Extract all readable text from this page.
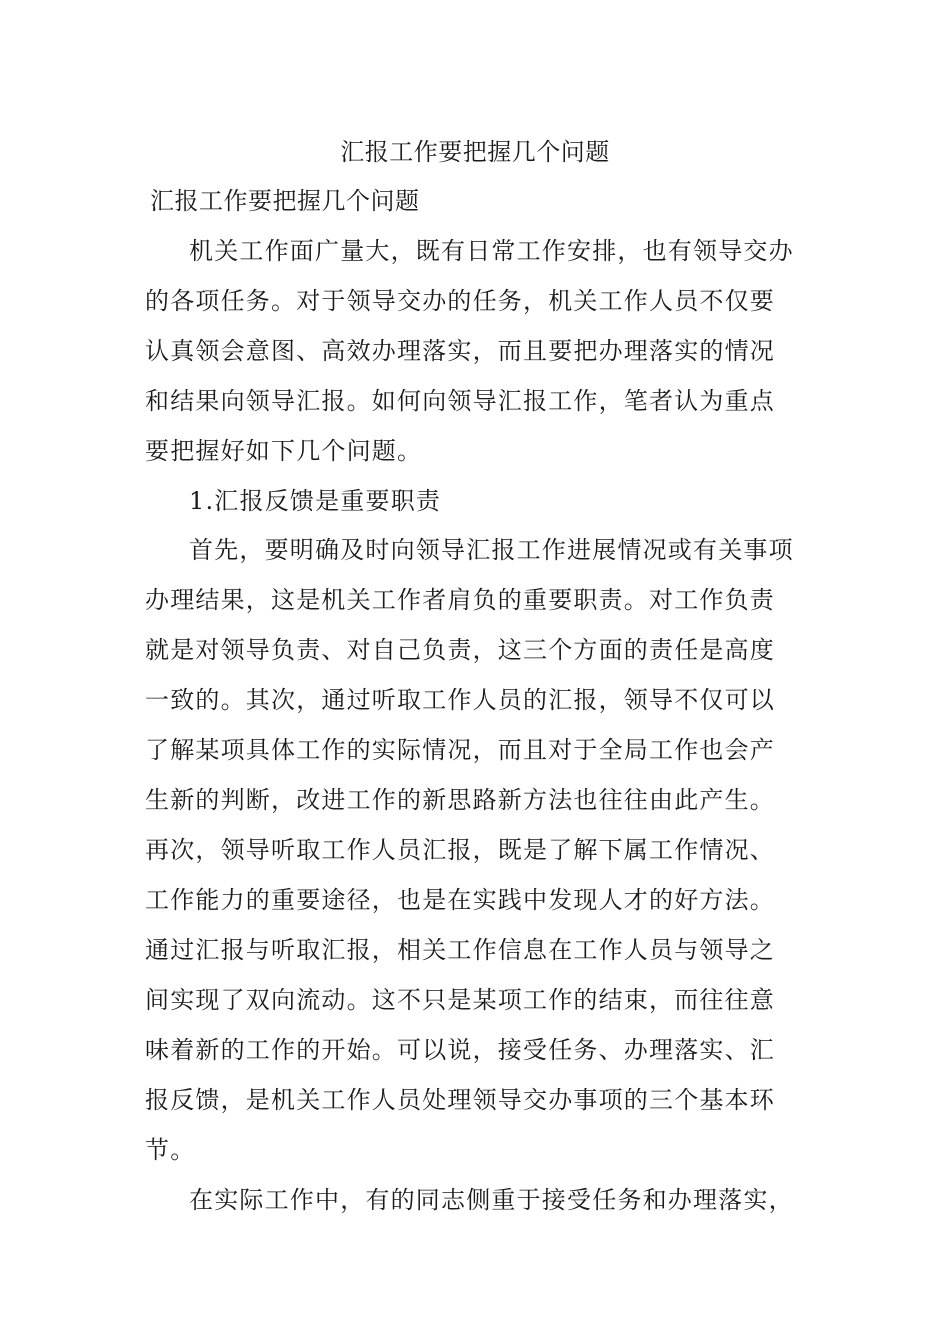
汇报工作要把握几个问题
汇报工作要把握几个问题
机关工作面广量大，既有日常工作安排，也有领导交办
的各项任务。对于领导交办的任务，机关工作人员不仅要
认真领会意图、高效办理落实，而且要把办理落实的情况
和结果向领导汇报。如何向领导汇报工作，笔者认为重点
要把握好如下几个问题。
1.汇报反馈是重要职责
首先，要明确及时向领导汇报工作进展情况或有关事项
办理结果，这是机关工作者肩负的重要职责。对工作负责
就是对领导负责、对自己负责，这三个方面的责任是高度
一致的。其次，通过听取工作人员的汇报，领导不仅可以
了解某项具体工作的实际情况，而且对于全局工作也会产
生新的判断，改进工作的新思路新方法也往往由此产生。
再次，领导听取工作人员汇报，既是了解下属工作情况、
工作能力的重要途径，也是在实践中发现人才的好方法。
通过汇报与听取汇报，相关工作信息在工作人员与领导之
间实现了双向流动。这不只是某项工作的结束，而往往意
味着新的工作的开始。可以说，接受任务、办理落实、汇
报反馈，是机关工作人员处理领导交办事项的三个基本环
节。
在实际工作中，有的同志侧重于接受任务和办理落实，
